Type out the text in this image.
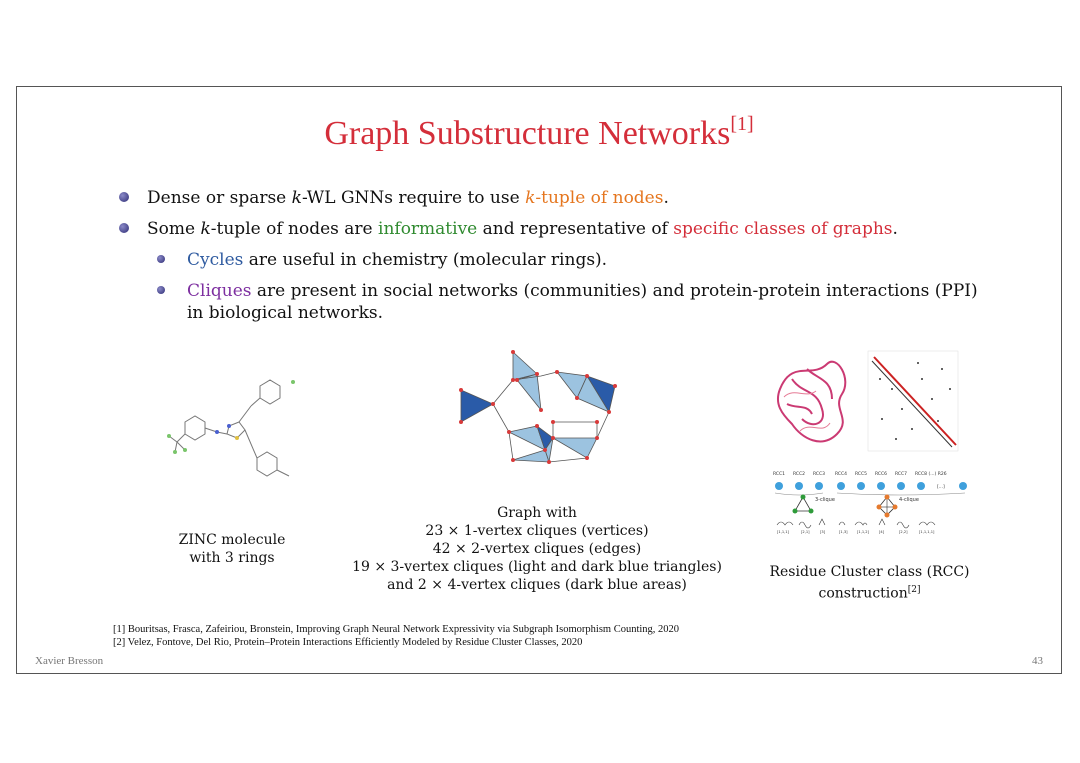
Graph Substructure Networks[1]
Dense or sparse k-WL GNNs require to use k-tuple of nodes.
Some k-tuple of nodes are informative and representative of specific classes of graphs.
Cycles are useful in chemistry (molecular rings).
Cliques are present in social networks (communities) and protein-protein interactions (PPI)
in biological networks.
ZINC molecule
with 3 rings
Graph with
23 × 1-vertex cliques (vertices)
42 × 2-vertex cliques (edges)
19 × 3-vertex cliques (light and dark blue triangles)
and 2 × 4-vertex cliques (dark blue areas)
RCC1 RCC2 RCC3 RCC4 RCC5 RCC6 RCC7 RCC8 (...) R26
[...]
3-clique	4-clique
[1,1,1]	[2,1]	[3]	[1,3]	[1,1,2]	[4]	[2,2]	[1,1,1,1]
Residue Cluster class (RCC)
construction[2]
[1] Bouritsas, Frasca, Zafeiriou, Bronstein, Improving Graph Neural Network Expressivity via Subgraph Isomorphism Counting, 2020
[2] Velez, Fontove, Del Rio, Protein–Protein Interactions Efficiently Modeled by Residue Cluster Classes, 2020
Xavier Bresson	43
